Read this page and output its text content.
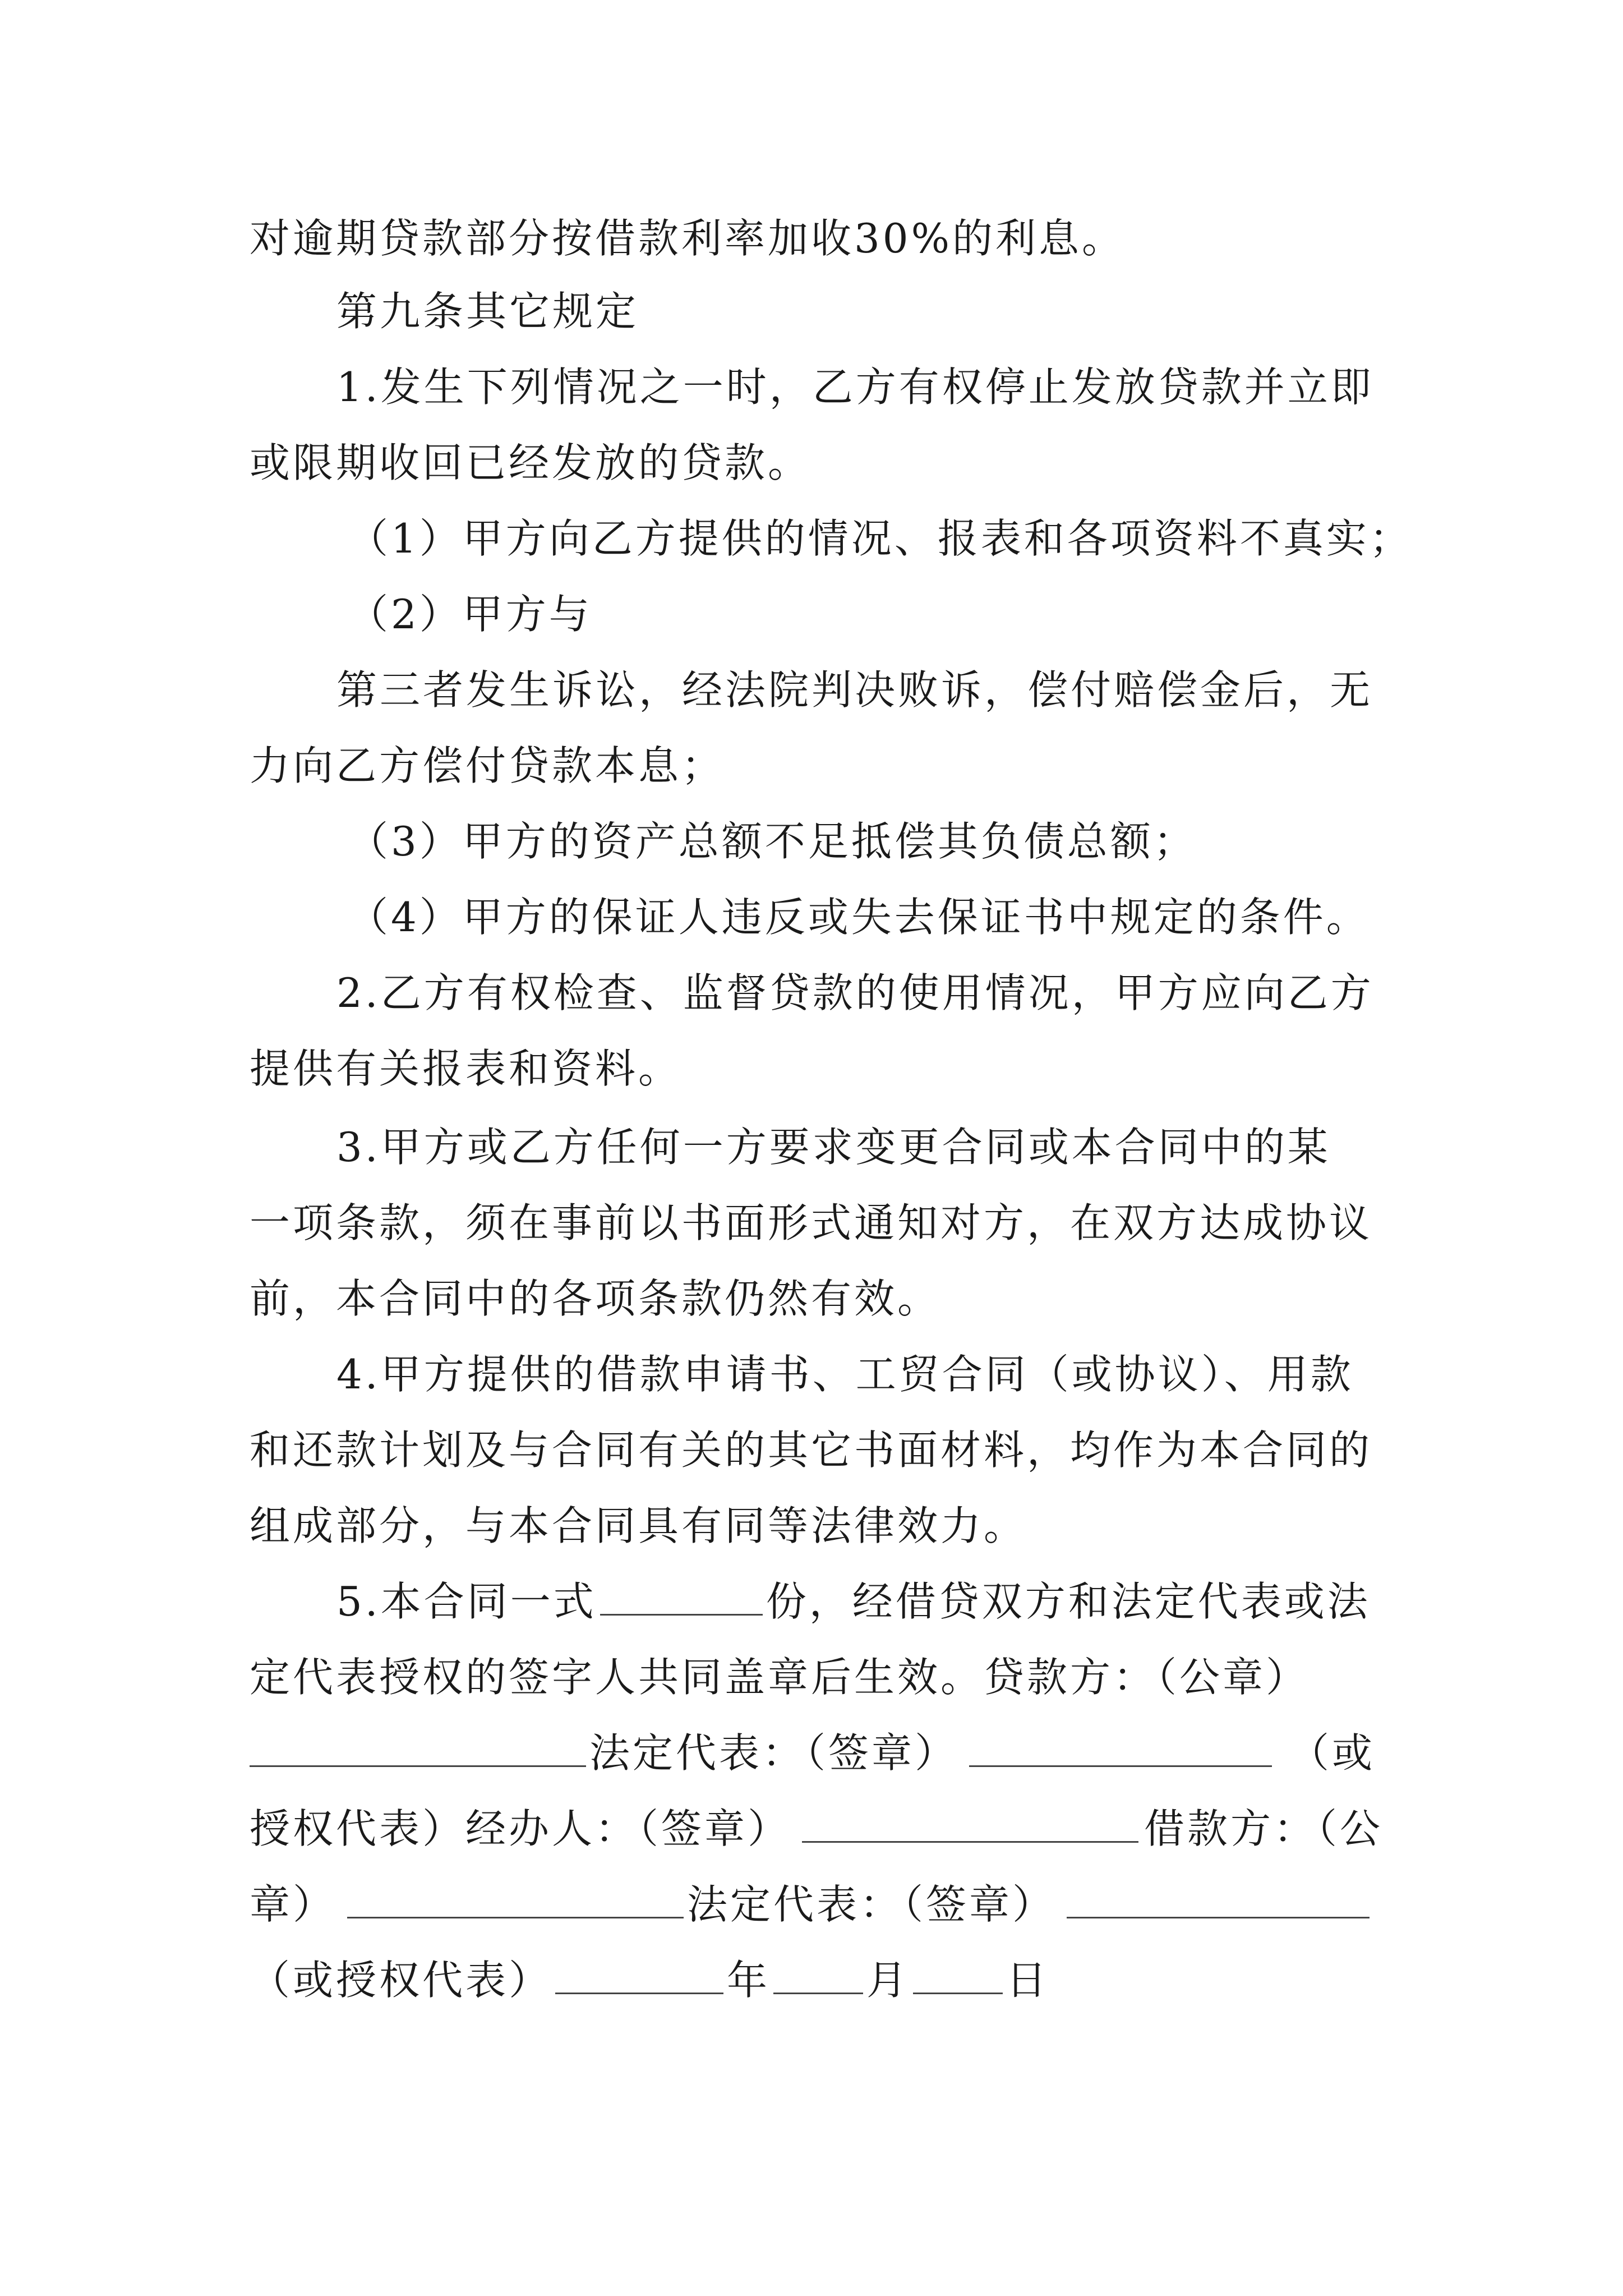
对逾期贷款部分按借款利率加收30%的利息。
第九条其它规定
1.发生下列情况之一时，乙方有权停止发放贷款并立即
或限期收回已经发放的贷款。
（1）甲方向乙方提供的情况、报表和各项资料不真实；
（2）甲方与
第三者发生诉讼，经法院判决败诉，偿付赔偿金后，无
力向乙方偿付贷款本息；
（3）甲方的资产总额不足抵偿其负债总额；
（4）甲方的保证人违反或失去保证书中规定的条件。
2.乙方有权检查、监督贷款的使用情况，甲方应向乙方
提供有关报表和资料。
3.甲方或乙方任何一方要求变更合同或本合同中的某
一项条款，须在事前以书面形式通知对方，在双方达成协议
前，本合同中的各项条款仍然有效。
4.甲方提供的借款申请书、工贸合同（或协议）、用款
和还款计划及与合同有关的其它书面材料，均作为本合同的
组成部分，与本合同具有同等法律效力。
5.本合同一式	份，经借贷双方和法定代表或法
定代表授权的签字人共同盖章后生效。贷款方：（公章）
法定代表：（签章）	（或
授权代表）经办人：（签章）	借款方：（公
章）	法定代表：（签章）
（或授权代表）	年 月 日
